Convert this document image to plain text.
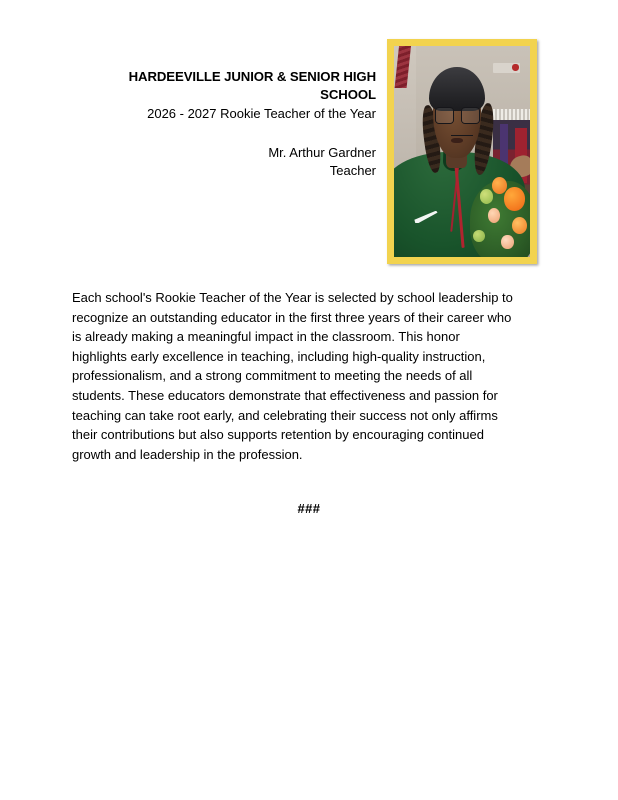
HARDEEVILLE JUNIOR & SENIOR HIGH SCHOOL

2026 - 2027 Rookie Teacher of the Year

Mr. Arthur Gardner

Teacher

Each school's Rookie Teacher of the Year is selected by school leadership to recognize an outstanding educator in the first three years of their career who is already making a meaningful impact in the classroom. This honor highlights early excellence in teaching, including high-quality instruction, professionalism, and a strong commitment to meeting the needs of all students. These educators demonstrate that effectiveness and passion for teaching can take root early, and celebrating their success not only affirms their contributions but also supports retention by encouraging continued growth and leadership in the profession.

###
